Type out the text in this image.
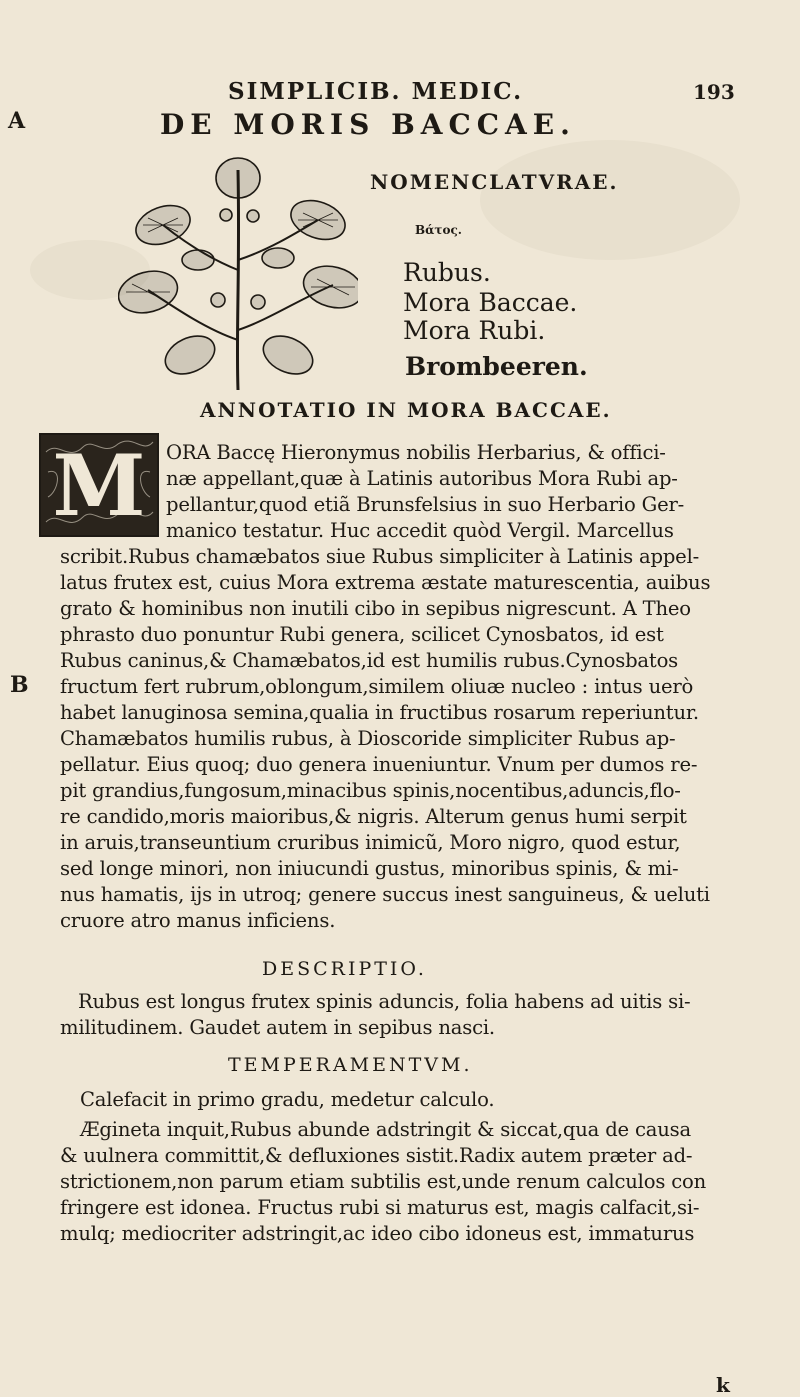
SIMPLICIB. MEDIC.	193
A
B
DE MORIS BACCAE.
NOMENCLATVRAE.
Βάτος.
Rubus.
Mora Baccae.
Mora Rubi.
Brombeeren.
ANNOTATIO IN MORA BACCAE.
M	ORA Baccę Hieronymus nobilis Herbarius, & offici-
næ appellant,quæ à Latinis autoribus Mora Rubi ap-
pellantur,quod etiã Brunsfelsius in suo Herbario Ger-
manico testatur. Huc accedit quòd Vergil. Marcellus
scribit.Rubus chamæbatos siue Rubus simpliciter à Latinis appel-
latus frutex est, cuius Mora extrema æstate maturescentia, auibus
grato & hominibus non inutili cibo in sepibus nigrescunt. A Theo
phrasto duo ponuntur Rubi genera, scilicet Cynosbatos, id est
Rubus caninus,& Chamæbatos,id est humilis rubus.Cynosbatos
fructum fert rubrum,oblongum,similem oliuæ nucleo : intus uerò
habet lanuginosa semina,qualia in fructibus rosarum reperiuntur.
Chamæbatos humilis rubus, à Dioscoride simpliciter Rubus ap-
pellatur. Eius quoq; duo genera inueniuntur. Vnum per dumos re-
pit grandius,fungosum,minacibus spinis,nocentibus,aduncis,flo-
re candido,moris maioribus,& nigris. Alterum genus humi serpit
in aruis,transeuntium cruribus inimicũ, Moro nigro, quod estur,
sed longe minori, non iniucundi gustus, minoribus spinis, & mi-
nus hamatis, ijs in utroq; genere succus inest sanguineus, & ueluti
cruore atro manus inficiens.
DESCRIPTIO.
Rubus est longus frutex spinis aduncis, folia habens ad uitis si-
militudinem. Gaudet autem in sepibus nasci.
TEMPERAMENTVM.
Calefacit in primo gradu, medetur calculo.
Ægineta inquit,Rubus abunde adstringit & siccat,qua de causa
& uulnera committit,& defluxiones sistit.Radix autem præter ad-
strictionem,non parum etiam subtilis est,unde renum calculos con
fringere est idonea. Fructus rubi si maturus est, magis calfacit,si-
mulq; mediocriter adstringit,ac ideo cibo idoneus est, immaturus
k
